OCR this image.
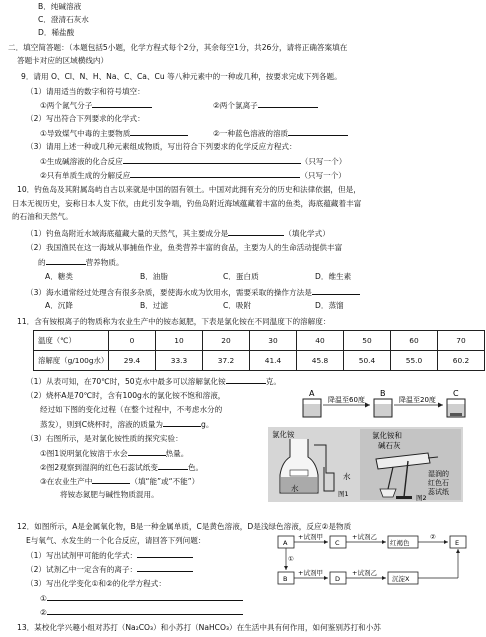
B．纯碱溶液
C．澄清石灰水
D．稀盐酸
二．填空简答题：（本题包括5小题，化学方程式每个2分，其余每空1分，共26分，请将正确答案填在
答题卡对应的区域横线内）
9．请用 O、Cl、N、H、Na、C、Ca、Cu 等八种元素中的一种或几种，按要求完成下列各题。
（1）请用适当的数字和符号填空：
①两个氮气分子	②两个氯离子
（2）写出符合下列要求的化学式：
①导致煤气中毒的主要物质	②一种蓝色溶液的溶质
（3）请用上述一种或几种元素组成物质，写出符合下列要求的化学反应方程式：
①生成碱溶液的化合反应	（只写一个）
②只有单质生成的分解反应	（只写一个）
10．钓鱼岛及其附属岛屿自古以来就是中国的固有领土。中国对此拥有充分的历史和法律依据，但是，
日本无视历史，妄称日本人发下依，由此引发争端，钓鱼岛附近海域蕴藏着丰富的鱼类，海底蕴藏着丰富
的石油和天然气。
（1）钓鱼岛附近水域海底蕴藏大量的天然气，其主要成分是	（填化学式）
（2）我国渔民在这一海域从事捕鱼作业，鱼类营养丰富的食品，主要为人的生命活动提供丰富
的	营养物质。
A．糖类	B．油脂	C．蛋白质	D．维生素
（3）海水通常经过处理含有很多杂质，要使海水成为饮用水，需要采取的操作方法是
A．沉降	B．过滤	C．吸附	D．蒸馏
11．含有铵根离子的物质称为农业生产中的铵态氮肥，下表是氯化铵在不同温度下的溶解度：
温度（℃）	0	10	20	30	40	50	60	70
溶解度（g/100g水）	29.4	33.3	37.2	41.4	45.8	50.4	55.0	60.2
（1）从表可知，在70℃时，50克水中最多可以溶解氯化铵	克。
（2）烧杯A是70℃时，含有100g水的氯化铵不饱和溶液，
经过如下图的变化过程（在整个过程中，不考虑水分的
蒸发），则到C烧杯时，溶液的质量为	g。
（3）右图所示，是对氯化铵性质的探究实验：
①图1说明氯化铵溶于水会	热量。
②图2观察到湿润的红色石蕊试纸变	色。
③在农业生产中	（填“能”或“不能”）
将铵态氮肥与碱性物质混用。
A
降温至60度
B
降温至20度
C
氯化铵
水
水
图1
氯化铵和
碱石灰
湿润的
红色石
蕊试纸
图2
12．如图所示，A是金属氧化物，B是一种金属单质，C是黄色溶液，D是浅绿色溶液，反应②是物质
E与氧气、水发生的一个化合反应，请回答下列问题：
（1）写出试剂甲可能的化学式：
（2）试剂乙中一定含有的离子：
（3）写出化学变化①和②的化学方程式：
①
②
A
+试剂甲
C
+试剂乙
红褐色
②
E
①
B
+试剂甲
D
+试剂乙
沉淀X
13．某校化学兴趣小组对苏打（Na₂CO₃）和小苏打（NaHCO₃）在生活中具有何作用，如何鉴别苏打和小苏
